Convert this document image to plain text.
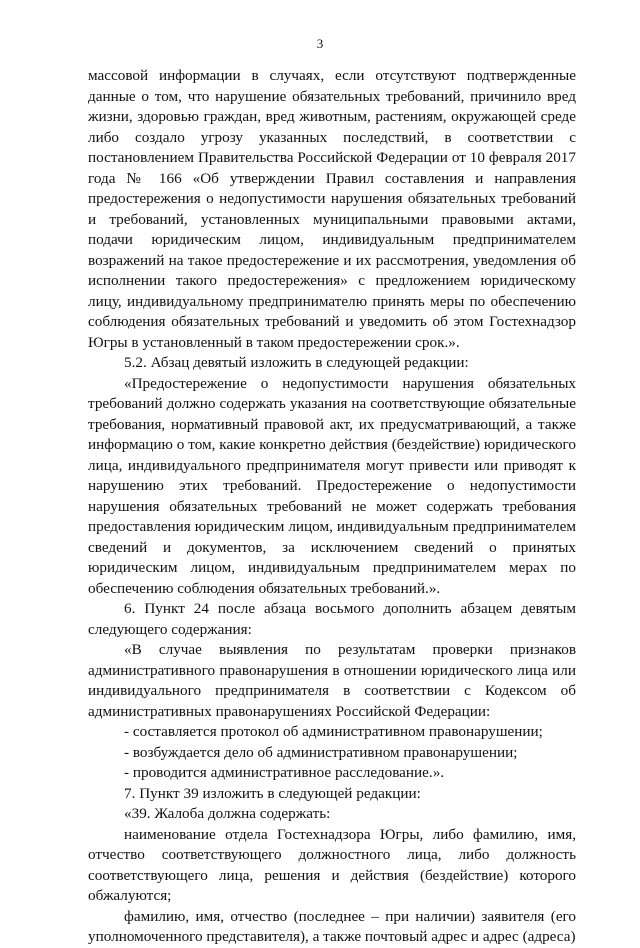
3

массовой информации в случаях, если отсутствуют подтвержденные данные о том, что нарушение обязательных требований, причинило вред жизни, здоровью граждан, вред животным, растениям, окружающей среде либо создало угрозу указанных последствий, в соответствии с постановлением Правительства Российской Федерации от 10 февраля 2017 года № 166 «Об утверждении Правил составления и направления предостережения о недопустимости нарушения обязательных требований и требований, установленных муниципальными правовыми актами, подачи юридическим лицом, индивидуальным предпринимателем возражений на такое предостережение и их рассмотрения, уведомления об исполнении такого предостережения» с предложением юридическому лицу, индивидуальному предпринимателю принять меры по обеспечению соблюдения обязательных требований и уведомить об этом Гостехнадзор Югры в установленный в таком предостережении срок.».

5.2. Абзац девятый изложить в следующей редакции:

«Предостережение о недопустимости нарушения обязательных требований должно содержать указания на соответствующие обязательные требования, нормативный правовой акт, их предусматривающий, а также информацию о том, какие конкретно действия (бездействие) юридического лица, индивидуального предпринимателя могут привести или приводят к нарушению этих требований. Предостережение о недопустимости нарушения обязательных требований не может содержать требования предоставления юридическим лицом, индивидуальным предпринимателем сведений и документов, за исключением сведений о принятых юридическим лицом, индивидуальным предпринимателем мерах по обеспечению соблюдения обязательных требований.».

6. Пункт 24 после абзаца восьмого дополнить абзацем девятым следующего содержания:

«В случае выявления по результатам проверки признаков административного правонарушения в отношении юридического лица или индивидуального предпринимателя в соответствии с Кодексом об административных правонарушениях Российской Федерации:

- составляется протокол об административном правонарушении;

- возбуждается дело об административном правонарушении;

- проводится административное расследование.».

7. Пункт 39 изложить в следующей редакции:

«39. Жалоба должна содержать:

наименование отдела Гостехнадзора Югры, либо фамилию, имя, отчество соответствующего должностного лица, либо должность соответствующего лица, решения и действия (бездействие) которого обжалуются;

фамилию, имя, отчество (последнее – при наличии) заявителя (его уполномоченного представителя), а также почтовый адрес и адрес (адреса)
